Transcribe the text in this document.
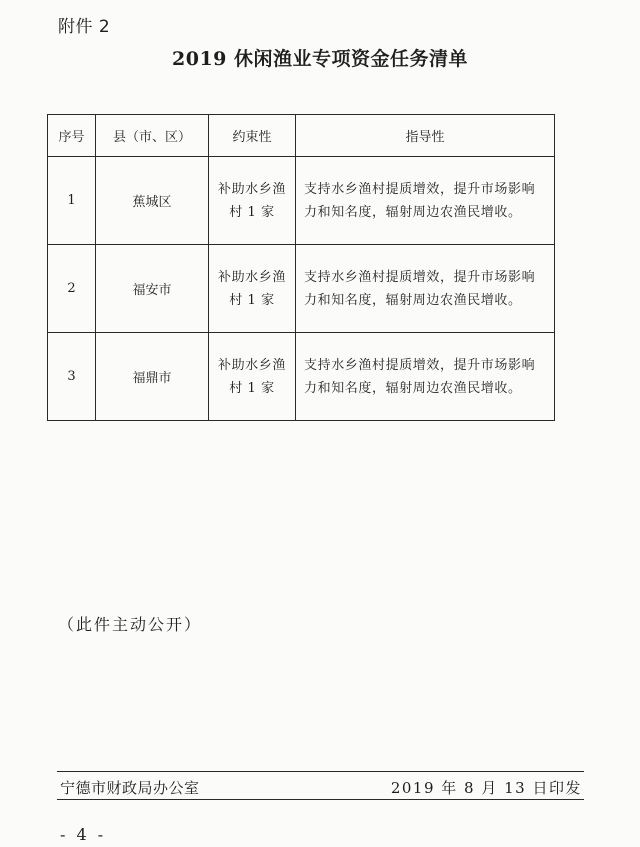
附件 2
2019 休闲渔业专项资金任务清单
序号	县（市、区）	约束性	指导性
1	蕉城区	补助水乡渔村 1 家	支持水乡渔村提质增效，提升市场影响力和知名度，辐射周边农渔民增收。
2	福安市	补助水乡渔村 1 家	支持水乡渔村提质增效，提升市场影响力和知名度，辐射周边农渔民增收。
3	福鼎市	补助水乡渔村 1 家	支持水乡渔村提质增效，提升市场影响力和知名度，辐射周边农渔民增收。
（此件主动公开）
宁德市财政局办公室	2019 年 8 月 13 日印发
- 4 -
